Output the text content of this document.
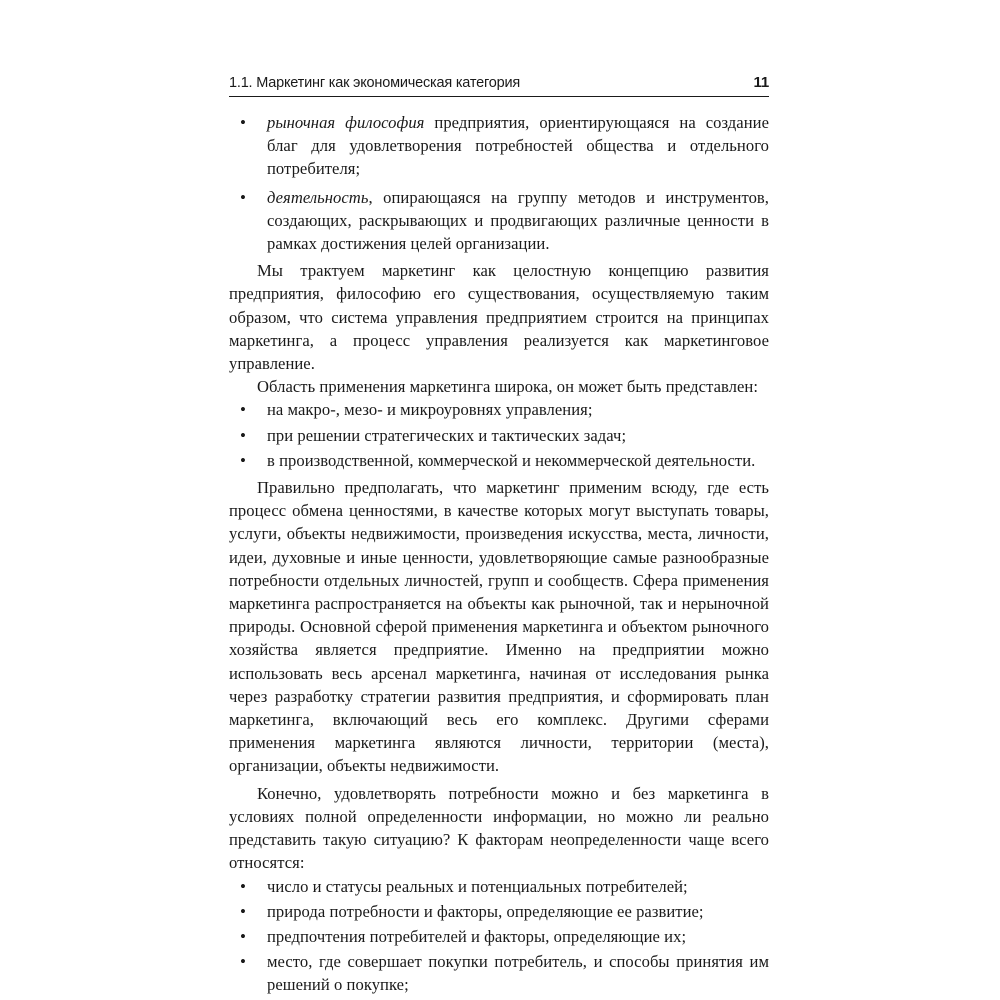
1.1. Маркетинг как экономическая категория	11
• рыночная философия предприятия, ориентирующаяся на создание благ для удовлетворения потребностей общества и отдельного потребителя;
• деятельность, опирающаяся на группу методов и инструментов, создающих, раскрывающих и продвигающих различные ценности в рамках достижения целей организации.

Мы трактуем маркетинг как целостную концепцию развития предприятия, философию его существования, осуществляемую таким образом, что система управления предприятием строится на принципах маркетинга, а процесс управления реализуется как маркетинговое управление.

Область применения маркетинга широка, он может быть представлен:

• на макро-, мезо- и микроуровнях управления;
• при решении стратегических и тактических задач;
• в производственной, коммерческой и некоммерческой деятельности.

Правильно предполагать, что маркетинг применим всюду, где есть процесс обмена ценностями, в качестве которых могут выступать товары, услуги, объекты недвижимости, произведения искусства, места, личности, идеи, духовные и иные ценности, удовлетворяющие самые разнообразные потребности отдельных личностей, групп и сообществ. Сфера применения маркетинга распространяется на объекты как рыночной, так и нерыночной природы. Основной сферой применения маркетинга и объектом рыночного хозяйства является предприятие. Именно на предприятии можно использовать весь арсенал маркетинга, начиная от исследования рынка через разработку стратегии развития предприятия, и сформировать план маркетинга, включающий весь его комплекс. Другими сферами применения маркетинга являются личности, территории (места), организации, объекты недвижимости.

Конечно, удовлетворять потребности можно и без маркетинга в условиях полной определенности информации, но можно ли реально представить такую ситуацию? К факторам неопределенности чаще всего относятся:

• число и статусы реальных и потенциальных потребителей;
• природа потребности и факторы, определяющие ее развитие;
• предпочтения потребителей и факторы, определяющие их;
• место, где совершает покупки потребитель, и способы принятия им решений о покупке;
